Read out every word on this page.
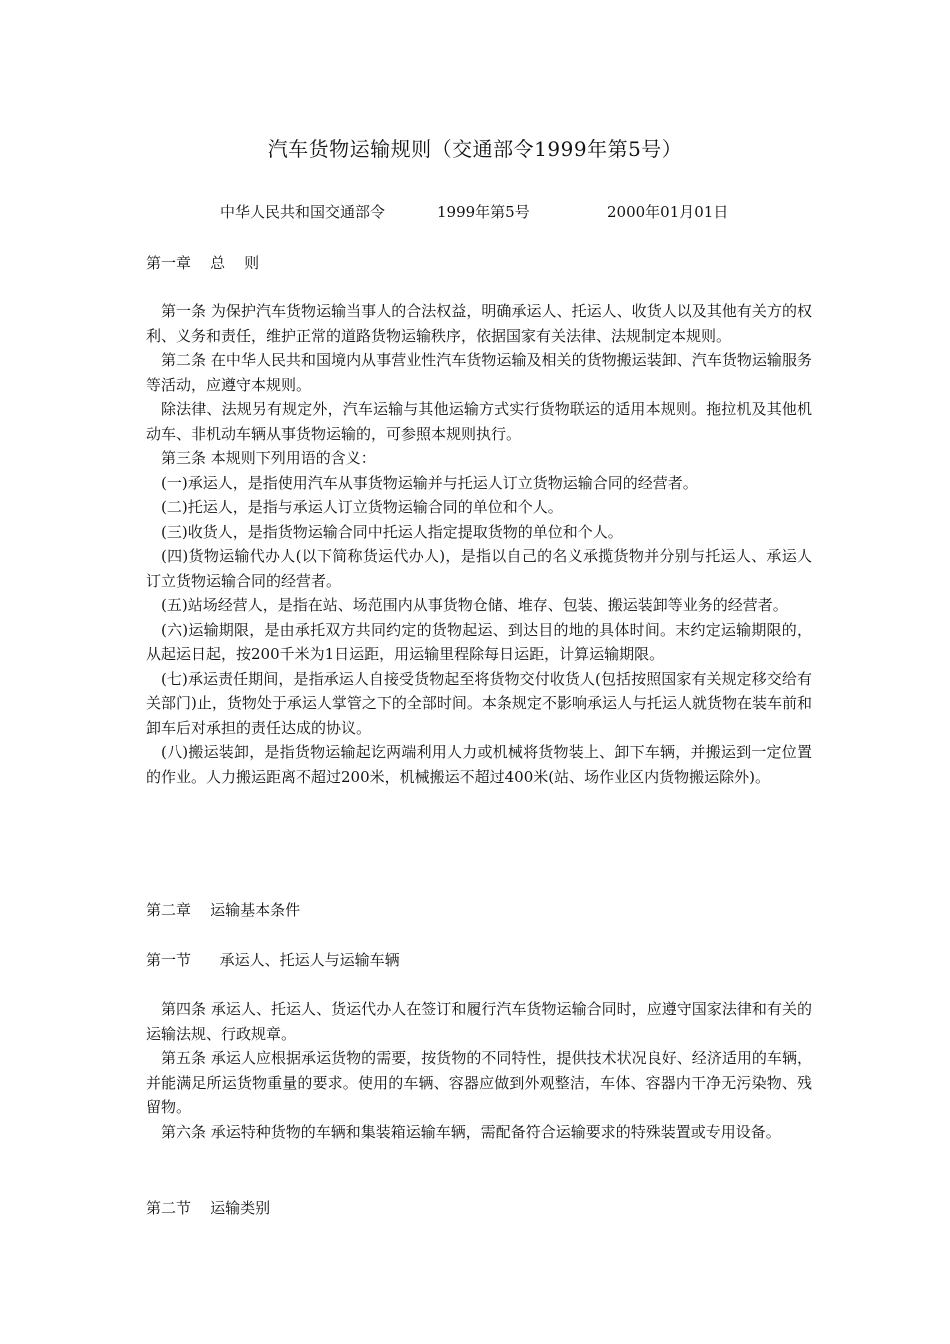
汽车货物运输规则（交通部令1999年第5号）
中华人民共和国交通部令	1999年第5号	2000年01月01日

第一章    总    则

第一条 为保护汽车货物运输当事人的合法权益，明确承运人、托运人、收货人以及其他有关方的权利、义务和责任，维护正常的道路货物运输秩序，依据国家有关法律、法规制定本规则。

第二条 在中华人民共和国境内从事营业性汽车货物运输及相关的货物搬运装卸、汽车货物运输服务等活动，应遵守本规则。

除法律、法规另有规定外，汽车运输与其他运输方式实行货物联运的适用本规则。拖拉机及其他机动车、非机动车辆从事货物运输的，可参照本规则执行。

第三条 本规则下列用语的含义：

(一)承运人，是指使用汽车从事货物运输并与托运人订立货物运输合同的经营者。

(二)托运人，是指与承运人订立货物运输合同的单位和个人。

(三)收货人，是指货物运输合同中托运人指定提取货物的单位和个人。

(四)货物运输代办人(以下简称货运代办人)，是指以自己的名义承揽货物并分别与托运人、承运人订立货物运输合同的经营者。

(五)站场经营人，是指在站、场范围内从事货物仓储、堆存、包装、搬运装卸等业务的经营者。

(六)运输期限，是由承托双方共同约定的货物起运、到达目的地的具体时间。末约定运输期限的，从起运日起，按200千米为1日运距，用运输里程除每日运距，计算运输期限。

(七)承运责任期间，是指承运人自接受货物起至将货物交付收货人(包括按照国家有关规定移交给有关部门)止，货物处于承运人掌管之下的全部时间。本条规定不影响承运人与托运人就货物在装车前和卸车后对承担的责任达成的协议。

(八)搬运装卸，是指货物运输起讫两端利用人力或机械将货物装上、卸下车辆，并搬运到一定位置的作业。人力搬运距离不超过200米，机械搬运不超过400米(站、场作业区内货物搬运除外)。

第二章    运输基本条件

第一节      承运人、托运人与运输车辆

第四条 承运人、托运人、货运代办人在签订和履行汽车货物运输合同时，应遵守国家法律和有关的运输法规、行政规章。

第五条 承运人应根据承运货物的需要，按货物的不同特性，提供技术状况良好、经济适用的车辆，并能满足所运货物重量的要求。使用的车辆、容器应做到外观整洁，车体、容器内干净无污染物、残留物。

第六条 承运特种货物的车辆和集装箱运输车辆，需配备符合运输要求的特殊装置或专用设备。

第二节    运输类别
